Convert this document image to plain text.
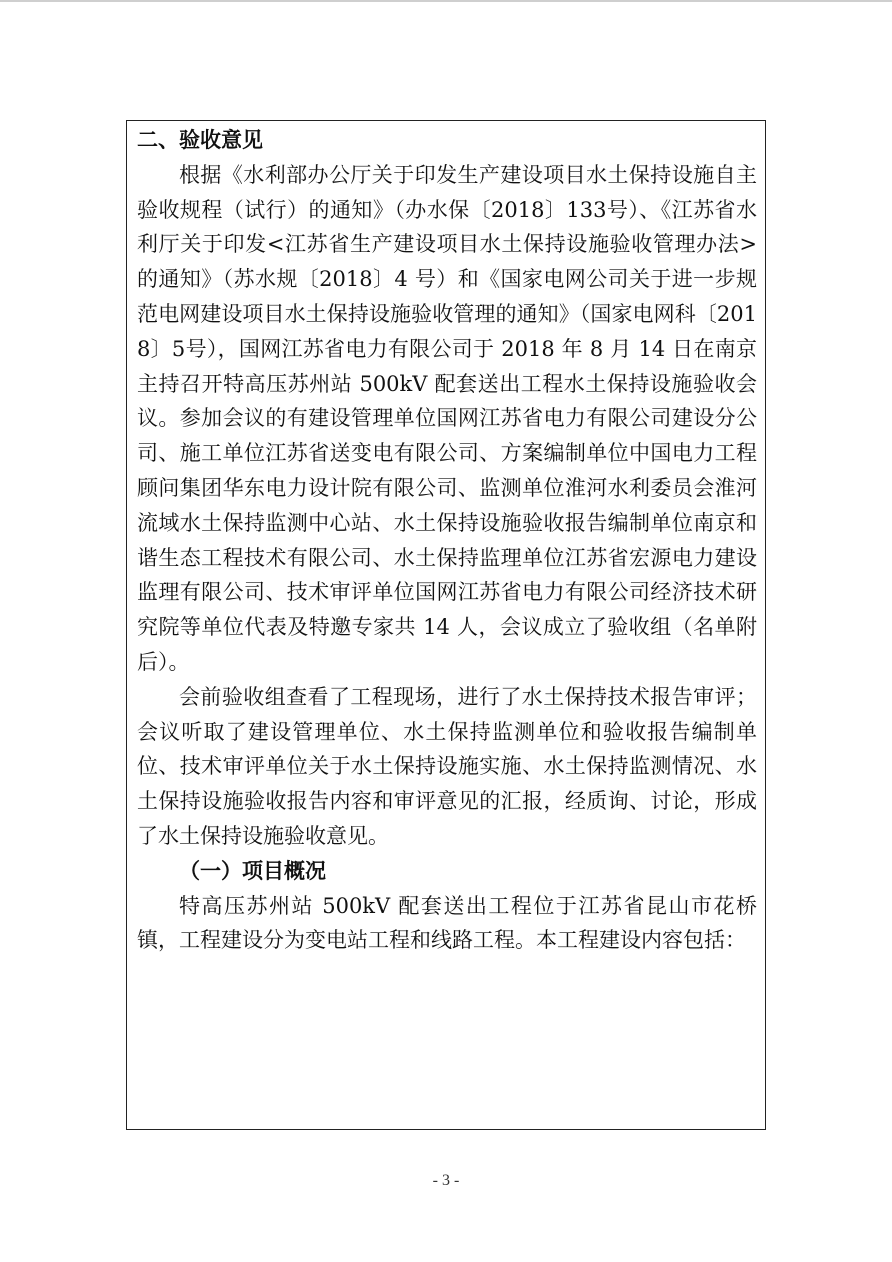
二、验收意见

根据《水利部办公厅关于印发生产建设项目水土保持设施自主验收规程（试行）的通知》（办水保〔2018〕133号）、《江苏省水利厅关于印发<江苏省生产建设项目水土保持设施验收管理办法>的通知》（苏水规〔2018〕4 号）和《国家电网公司关于进一步规范电网建设项目水土保持设施验收管理的通知》（国家电网科〔2018〕5号），国网江苏省电力有限公司于 2018 年 8 月 14 日在南京主持召开特高压苏州站 500kV 配套送出工程水土保持设施验收会议。参加会议的有建设管理单位国网江苏省电力有限公司建设分公司、施工单位江苏省送变电有限公司、方案编制单位中国电力工程顾问集团华东电力设计院有限公司、监测单位淮河水利委员会淮河流域水土保持监测中心站、水土保持设施验收报告编制单位南京和谐生态工程技术有限公司、水土保持监理单位江苏省宏源电力建设监理有限公司、技术审评单位国网江苏省电力有限公司经济技术研究院等单位代表及特邀专家共 14 人，会议成立了验收组（名单附后）。

会前验收组查看了工程现场，进行了水土保持技术报告审评；会议听取了建设管理单位、水土保持监测单位和验收报告编制单位、技术审评单位关于水土保持设施实施、水土保持监测情况、水土保持设施验收报告内容和审评意见的汇报，经质询、讨论，形成了水土保持设施验收意见。

（一）项目概况

特高压苏州站 500kV 配套送出工程位于江苏省昆山市花桥镇，工程建设分为变电站工程和线路工程。本工程建设内容包括：

- 3 -
